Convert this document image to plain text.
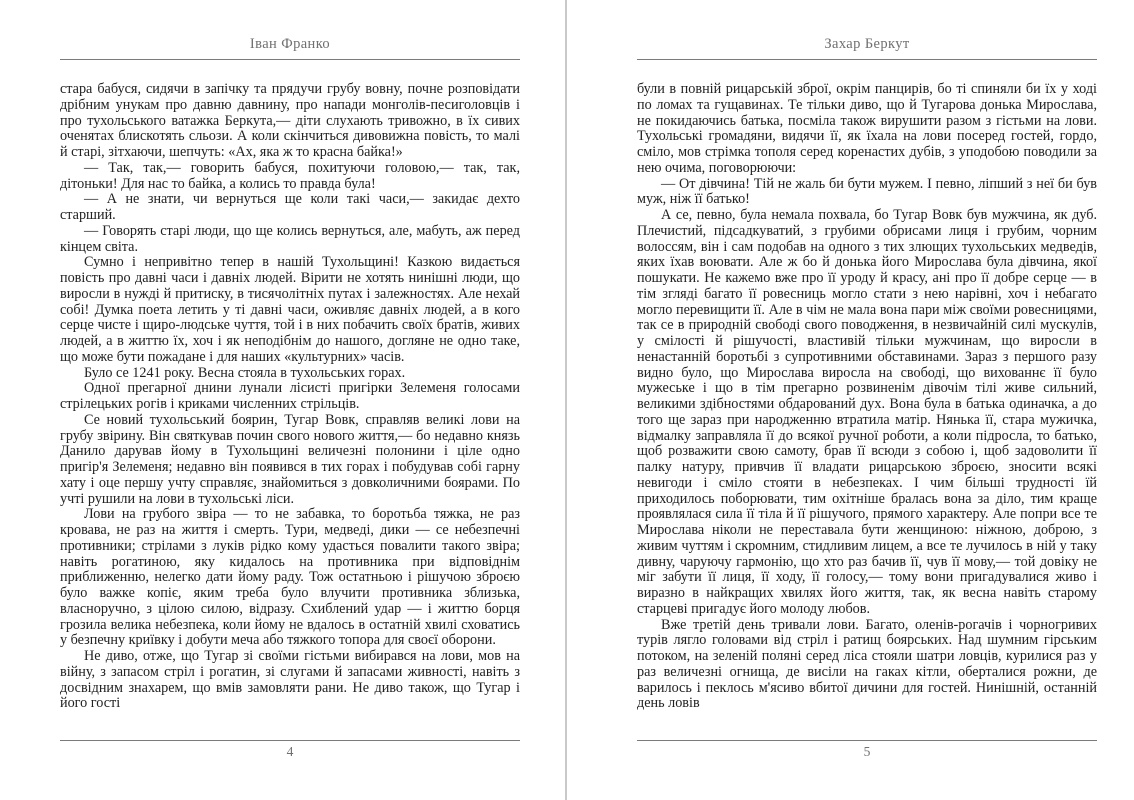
Іван Франко

стара бабуся, сидячи в запічку та прядучи грубу вовну, почне розповідати дрібним унукам про давню давнину, про напади монголів-песиголовців і про тухольського ватажка Беркута,— діти слухають тривожно, в їх сивих оченятах блискотять сльози. А коли скінчиться дивовижна повість, то малі й старі, зітхаючи, шепчуть: «Ах, яка ж то красна байка!»

— Так, так,— говорить бабуся, похитуючи головою,— так, так, дітоньки! Для нас то байка, а колись то правда була!

— А не знати, чи вернуться ще коли такі часи,— закидає дехто старший.

— Говорять старі люди, що ще колись вернуться, але, мабуть, аж перед кінцем світа.

Сумно і непривітно тепер в нашій Тухольщині! Казкою видається повість про давні часи і давніх людей. Вірити не хотять нинішні люди, що виросли в нужді й притиску, в тисячолітніх путах і залежностях. Але нехай собі! Думка поета летить у ті давні часи, оживляє давніх людей, а в кого серце чисте і щиро-людське чуття, той і в них побачить своїх братів, живих людей, а в життю їх, хоч і як неподібнім до нашого, догляне не одно таке, що може бути пожадане і для наших «культурних» часів.

Було се 1241 року. Весна стояла в тухольських горах.

Одної прегарної днини лунали лісисті пригірки Зелеменя голосами стрілецьких рогів і криками численних стрільців.

Се новий тухольський боярин, Тугар Вовк, справляв великі лови на грубу звірину. Він святкував почин свого нового життя,— бо недавно князь Данило дарував йому в Тухольщині величезні полонини і ціле одно пригір'я Зелеменя; недавно він появився в тих горах і побудував собі гарну хату і оце першу учту справляє, знайомиться з довколичними боярами. По учті рушили на лови в тухольські ліси.

Лови на грубого звіра — то не забавка, то боротьба тяжка, не раз кровава, не раз на життя і смерть. Тури, медведі, дики — се небезпечні противники; стрілами з луків рідко кому удасться повалити такого звіра; навіть рогатиною, яку кидалось на противника при відповіднім приближенню, нелегко дати йому раду. Тож остатньою і рішучою зброєю було важке копіє, яким треба було влучити противника зблизька, власноручно, з цілою силою, відразу. Схиблений удар — і життю борця грозила велика небезпека, коли йому не вдалось в остатній хвилі сховатись у безпечну криївку і добути меча або тяжкого топора для своєї оборони.

Не диво, отже, що Тугар зі своїми гістьми вибирався на лови, мов на війну, з запасом стріл і рогатин, зі слугами й запасами живності, навіть з досвідним знахарем, що вмів замовляти рани. Не диво також, що Тугар і його гості

4
Захар Беркут

були в повній рицарській зброї, окрім панцирів, бо ті спиняли би їх у ході по ломах та гущавинах. Те тільки диво, що й Тугарова донька Мирослава, не покидаючись батька, посміла також вирушити разом з гістьми на лови. Тухольські громадяни, видячи її, як їхала на лови посеред гостей, гордо, сміло, мов стрімка тополя серед коренастих дубів, з уподобою поводили за нею очима, поговорюючи:

— От дівчина! Тій не жаль би бути мужем. І певно, ліпший з неї би був муж, ніж її батько!

А се, певно, була немала похвала, бо Тугар Вовк був мужчина, як дуб. Плечистий, підсадкуватий, з грубими обрисами лиця і грубим, чорним волоссям, він і сам подобав на одного з тих злющих тухольських медведів, яких їхав воювати. Але ж бо й донька його Мирослава була дівчина, якої пошукати. Не кажемо вже про її уроду й красу, ані про її добре серце — в тім згляді багато її ровесниць могло стати з нею нарівні, хоч і небагато могло перевищити її. Але в чім не мала вона пари між своїми ровесницями, так се в природній свободі свого поводження, в незвичайній силі мускулів, у смілості й рішучості, властивій тільки мужчинам, що виросли в ненастанній боротьбі з супротивними обставинами. Зараз з першого разу видно було, що Мирослава виросла на свободі, що вихованнє її було мужеське і що в тім прегарно розвиненім дівочім тілі живе сильний, великими здібностями обдарований дух. Вона була в батька одиначка, а до того ще зараз при народженню втратила матір. Нянька її, стара мужичка, відмалку заправляла її до всякої ручної роботи, а коли підросла, то батько, щоб розважити свою самоту, брав її всюди з собою і, щоб задоволити її палку натуру, привчив її владати рицарською зброєю, зносити всякі невигоди і сміло стояти в небезпеках. І чим більші трудності їй приходилось поборювати, тим охітніше бралась вона за діло, тим краще проявлялася сила її тіла й її рішучого, прямого характеру. Але попри все те Мирослава ніколи не переставала бути женщиною: ніжною, доброю, з живим чуттям і скромним, стидливим лицем, а все те лучилось в ній у таку дивну, чаруючу гармонію, що хто раз бачив її, чув її мову,— той довіку не міг забути її лиця, її ходу, її голосу,— тому вони пригадувалися живо і виразно в найкращих хвилях його життя, так, як весна навіть старому старцеві пригадує його молоду любов.

Вже третій день тривали лови. Багато, оленів-рогачів і чорногривих турів лягло головами від стріл і ратищ боярських. Над шумним гірським потоком, на зеленій поляні серед ліса стояли шатри ловців, курилися раз у раз величезні огнища, де висіли на гаках кітли, оберталися рожни, де варилось і пеклось м'ясиво вбитої дичини для гостей. Нинішній, останній день ловів

5
